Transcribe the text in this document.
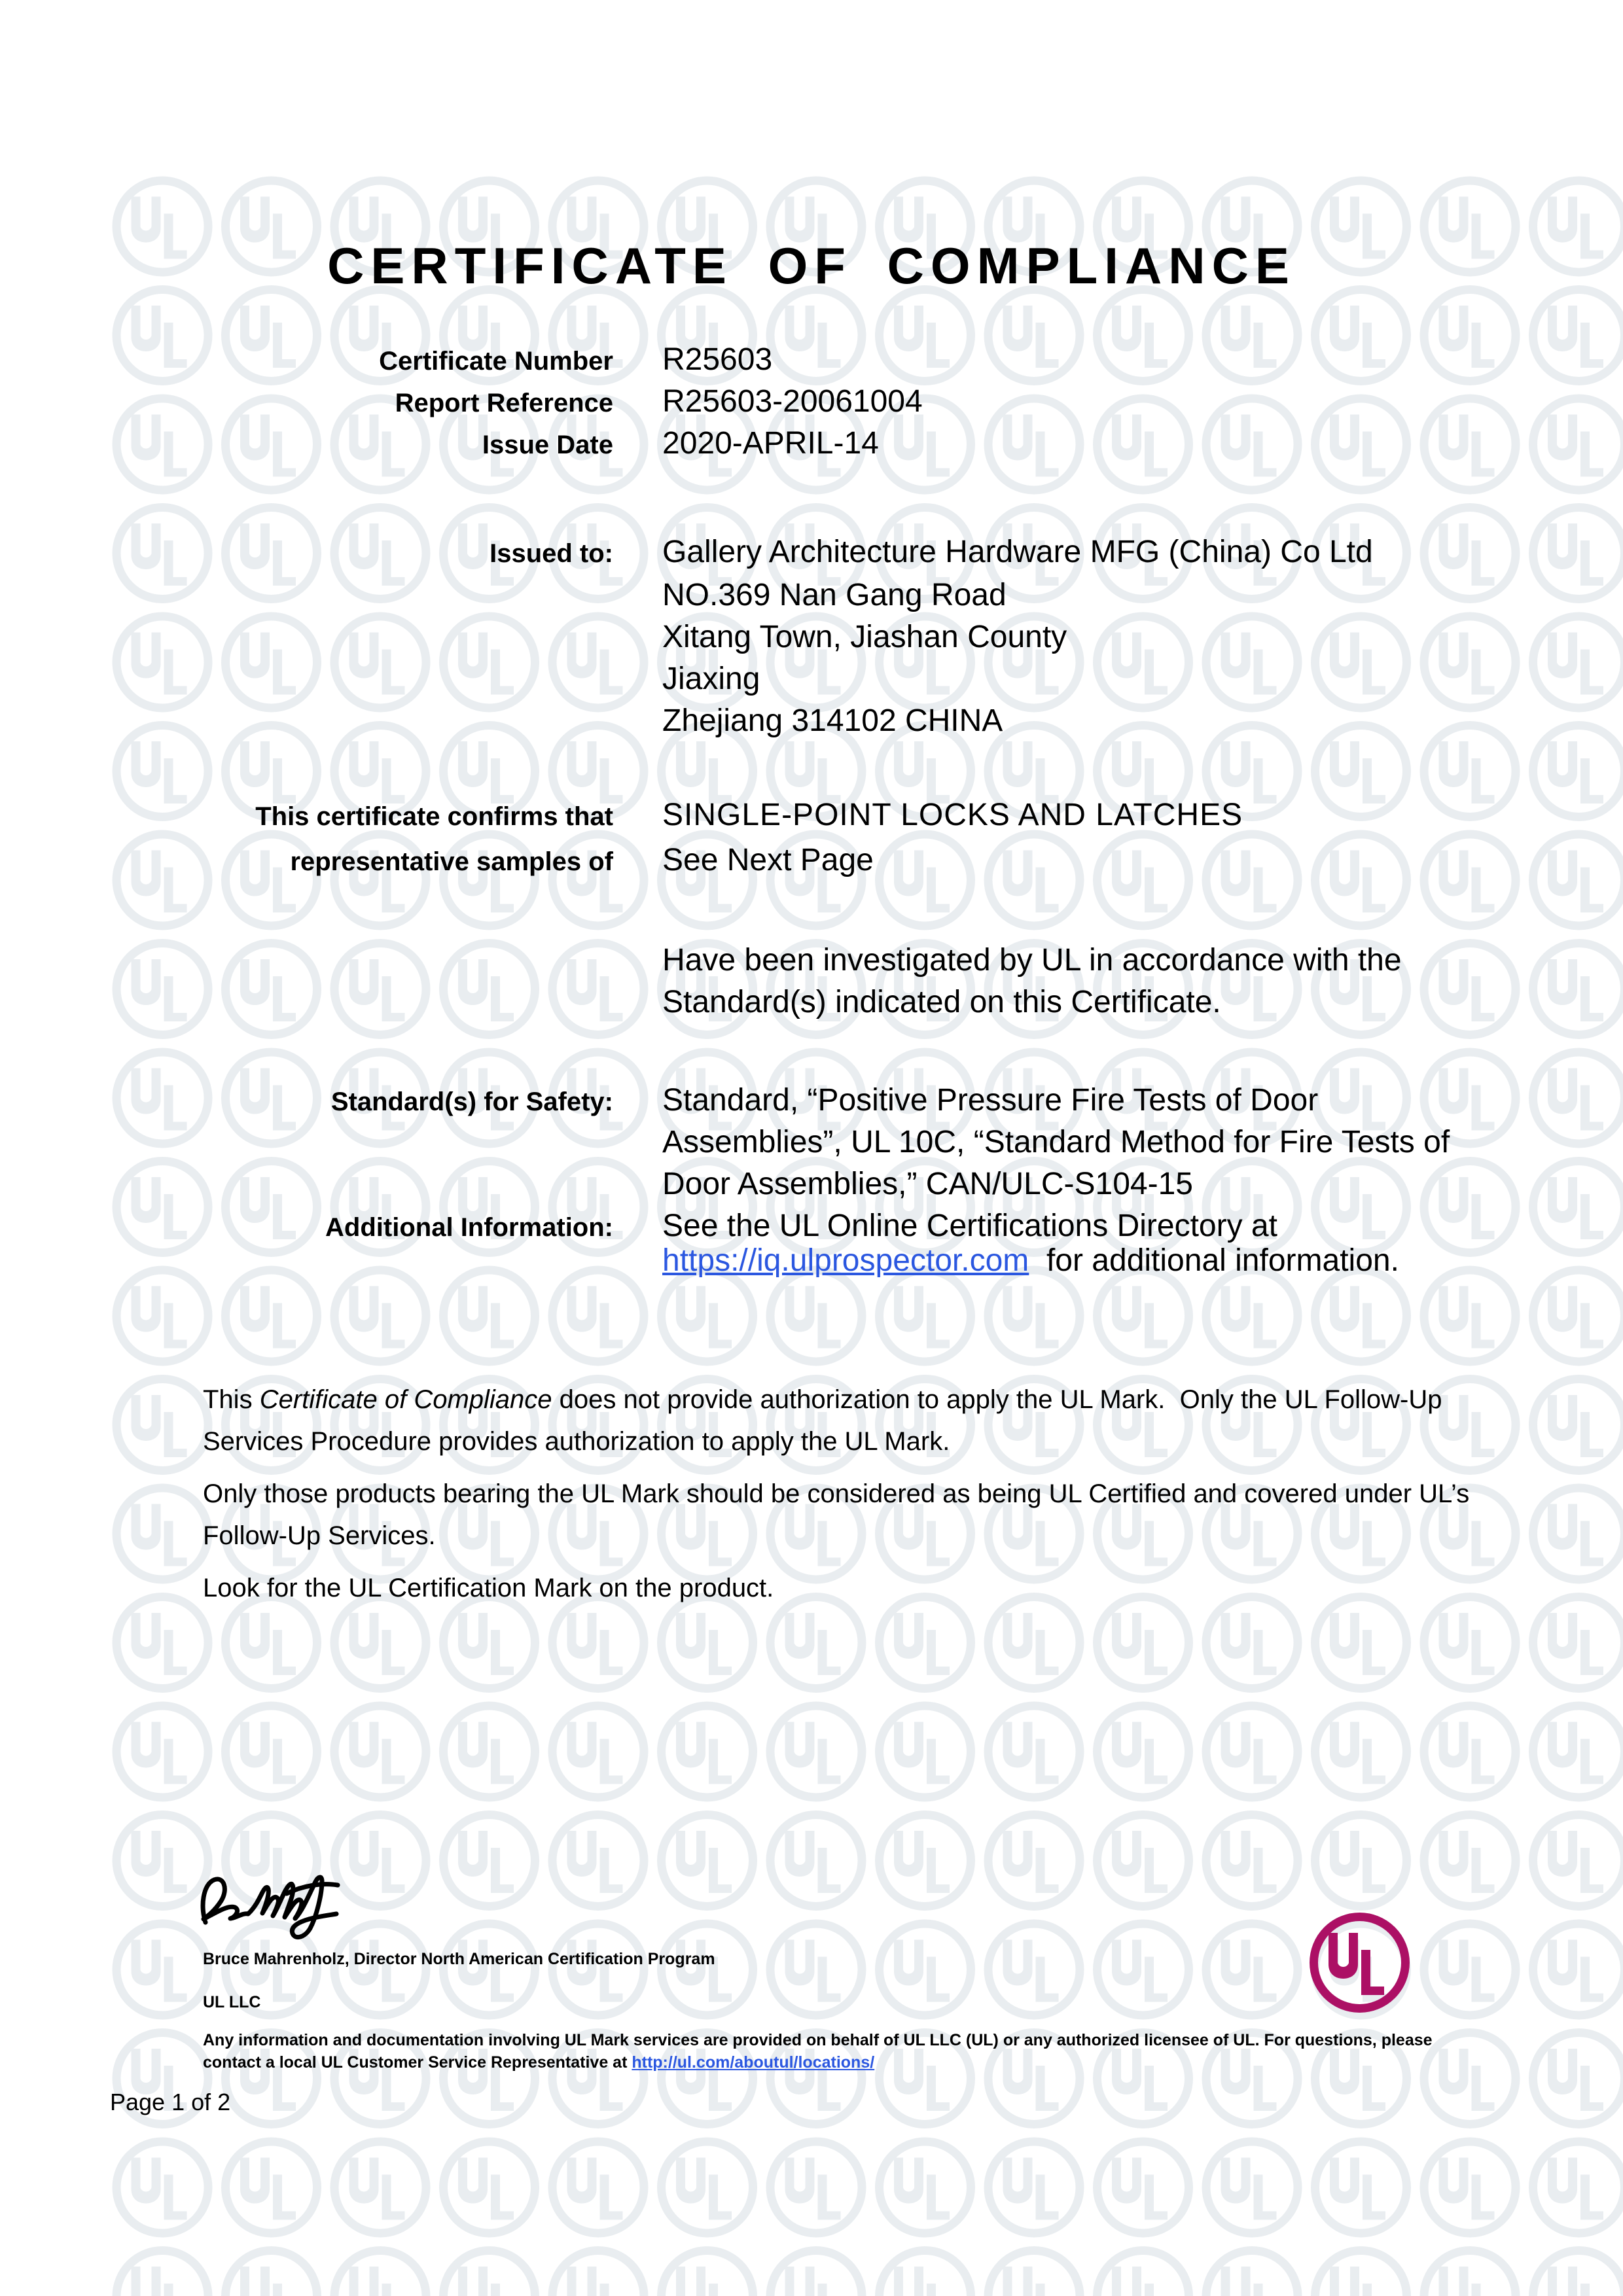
CERTIFICATE OF COMPLIANCE
Certificate Number R25603
Report Reference R25603-20061004
Issue Date 2020-APRIL-14
Issued to: Gallery Architecture Hardware MFG (China) Co Ltd
NO.369 Nan Gang Road
Xitang Town, Jiashan County
Jiaxing
Zhejiang 314102 CHINA
This certificate confirms that
representative samples of
SINGLE-POINT LOCKS AND LATCHES
See Next Page
Have been investigated by UL in accordance with the
Standard(s) indicated on this Certificate.
Standard(s) for Safety: Standard, “Positive Pressure Fire Tests of Door
Assemblies”, UL 10C, “Standard Method for Fire Tests of
Door Assemblies,” CAN/ULC-S104-15
Additional Information: See the UL Online Certifications Directory at
https://iq.ulprospector.com  for additional information.
This Certificate of Compliance does not provide authorization to apply the UL Mark.  Only the UL Follow-Up
Services Procedure provides authorization to apply the UL Mark.
Only those products bearing the UL Mark should be considered as being UL Certified and covered under UL’s
Follow-Up Services.
Look for the UL Certification Mark on the product.
Bruce Mahrenholz, Director North American Certification Program
UL LLC
Any information and documentation involving UL Mark services are provided on behalf of UL LLC (UL) or any authorized licensee of UL. For questions, please
contact a local UL Customer Service Representative at http://ul.com/aboutul/locations/
Page 1 of 2
